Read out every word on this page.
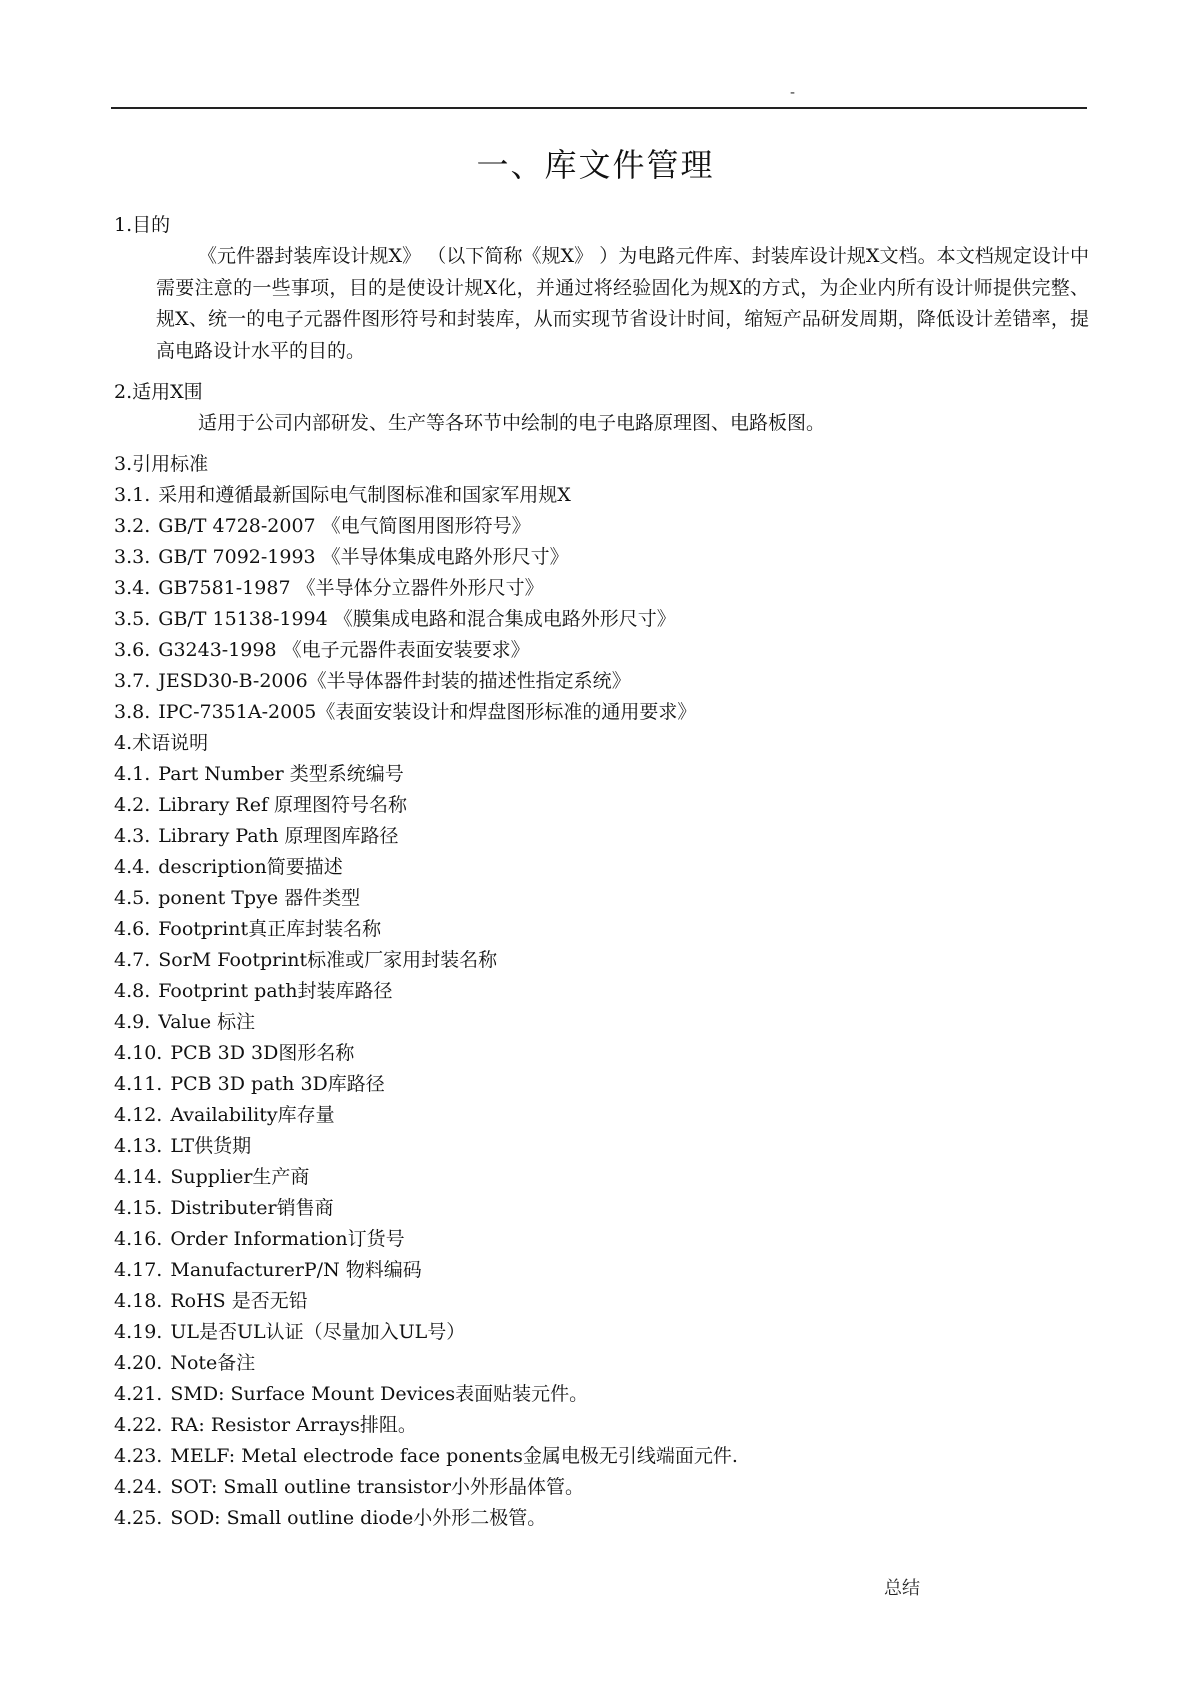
-
一、库文件管理

1.目的

《元件器封装库设计规X》 （以下简称《规X》 ）为电路元件库、封装库设计规X文档。本文档规定设计中需要注意的一些事项，目的是使设计规X化，并通过将经验固化为规X的方式，为企业内所有设计师提供完整、规X、统一的电子元器件图形符号和封装库，从而实现节省设计时间，缩短产品研发周期，降低设计差错率，提高电路设计水平的目的。

2.适用X围

适用于公司内部研发、生产等各环节中绘制的电子电路原理图、电路板图。

3.引用标准

3.1. 采用和遵循最新国际电气制图标准和国家军用规X
3.2. GB/T 4728-2007 《电气简图用图形符号》
3.3. GB/T 7092-1993 《半导体集成电路外形尺寸》
3.4. GB7581-1987 《半导体分立器件外形尺寸》
3.5. GB/T 15138-1994 《膜集成电路和混合集成电路外形尺寸》
3.6. G3243-1998 《电子元器件表面安装要求》
3.7. JESD30-B-2006《半导体器件封装的描述性指定系统》
3.8. IPC-7351A-2005《表面安装设计和焊盘图形标准的通用要求》

4.术语说明

4.1. Part Number 类型系统编号
4.2. Library Ref 原理图符号名称
4.3. Library Path 原理图库路径
4.4. description简要描述
4.5. ponent Tpye 器件类型
4.6. Footprint真正库封装名称
4.7. SorM Footprint标准或厂家用封装名称
4.8. Footprint path封装库路径
4.9. Value 标注
4.10. PCB 3D 3D图形名称
4.11. PCB 3D path 3D库路径
4.12. Availability库存量
4.13. LT供货期
4.14. Supplier生产商
4.15. Distributer销售商
4.16. Order Information订货号
4.17. ManufacturerP/N 物料编码
4.18. RoHS 是否无铅
4.19. UL是否UL认证（尽量加入UL号）
4.20. Note备注
4.21. SMD: Surface Mount Devices表面贴装元件。
4.22. RA: Resistor Arrays排阻。
4.23. MELF: Metal electrode face ponents金属电极无引线端面元件.
4.24. SOT: Small outline transistor小外形晶体管。
4.25. SOD: Small outline diode小外形二极管。
总结
